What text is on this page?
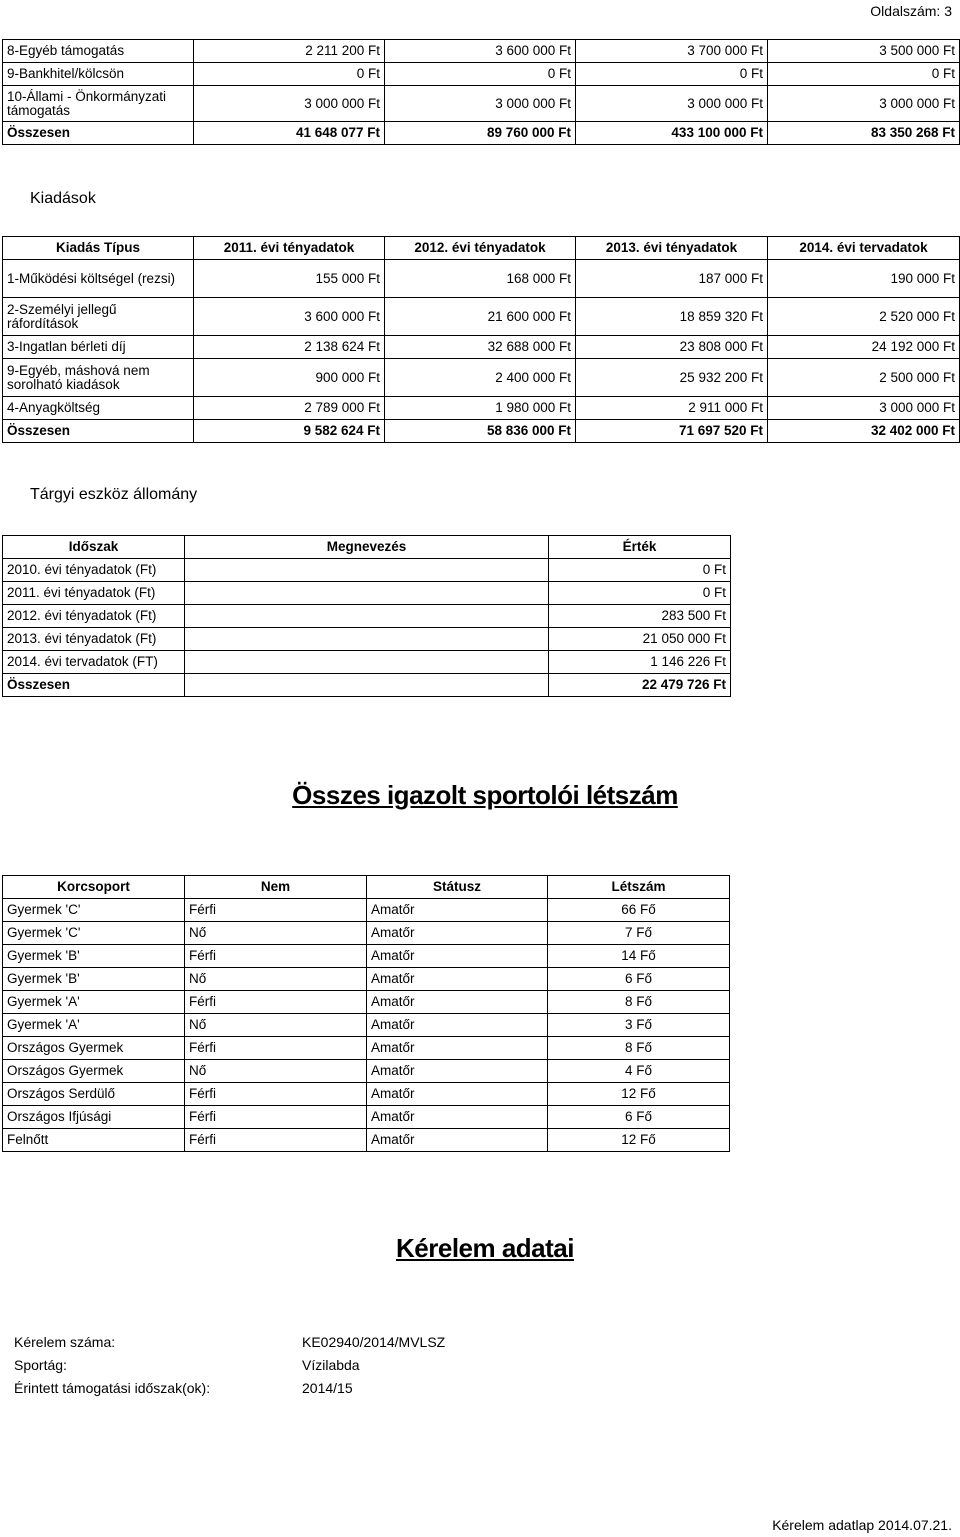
Oldalszám: 3
8-Egyéb támogatás	2 211 200 Ft	3 600 000 Ft	3 700 000 Ft	3 500 000 Ft
9-Bankhitel/kölcsön	0 Ft	0 Ft	0 Ft	0 Ft
10-Állami - Önkormányzati támogatás	3 000 000 Ft	3 000 000 Ft	3 000 000 Ft	3 000 000 Ft
Összesen	41 648 077 Ft	89 760 000 Ft	433 100 000 Ft	83 350 268 Ft
Kiadások
Kiadás Típus	2011. évi tényadatok	2012. évi tényadatok	2013. évi tényadatok	2014. évi tervadatok
1-Működési költségel (rezsi)	155 000 Ft	168 000 Ft	187 000 Ft	190 000 Ft
2-Személyi jellegű ráfordítások	3 600 000 Ft	21 600 000 Ft	18 859 320 Ft	2 520 000 Ft
3-Ingatlan bérleti díj	2 138 624 Ft	32 688 000 Ft	23 808 000 Ft	24 192 000 Ft
9-Egyéb, máshová nem sorolható kiadások	900 000 Ft	2 400 000 Ft	25 932 200 Ft	2 500 000 Ft
4-Anyagköltség	2 789 000 Ft	1 980 000 Ft	2 911 000 Ft	3 000 000 Ft
Összesen	9 582 624 Ft	58 836 000 Ft	71 697 520 Ft	32 402 000 Ft
Tárgyi eszköz állomány
Időszak	Megnevezés	Érték
2010. évi tényadatok (Ft)		0 Ft
2011. évi tényadatok (Ft)		0 Ft
2012. évi tényadatok (Ft)		283 500 Ft
2013. évi tényadatok (Ft)		21 050 000 Ft
2014. évi tervadatok (FT)		1 146 226 Ft
Összesen		22 479 726 Ft
Összes igazolt sportolói létszám
Korcsoport	Nem	Státusz	Létszám
Gyermek 'C'	Férfi	Amatőr	66 Fő
Gyermek 'C'	Nő	Amatőr	7 Fő
Gyermek 'B'	Férfi	Amatőr	14 Fő
Gyermek 'B'	Nő	Amatőr	6 Fő
Gyermek 'A'	Férfi	Amatőr	8 Fő
Gyermek 'A'	Nő	Amatőr	3 Fő
Országos Gyermek	Férfi	Amatőr	8 Fő
Országos Gyermek	Nő	Amatőr	4 Fő
Országos Serdülő	Férfi	Amatőr	12 Fő
Országos Ifjúsági	Férfi	Amatőr	6 Fő
Felnőtt	Férfi	Amatőr	12 Fő
Kérelem adatai
Kérelem száma:	KE02940/2014/MVLSZ
Sportág:	Vízilabda
Érintett támogatási időszak(ok):	2014/15
Kérelem adatlap 2014.07.21.
